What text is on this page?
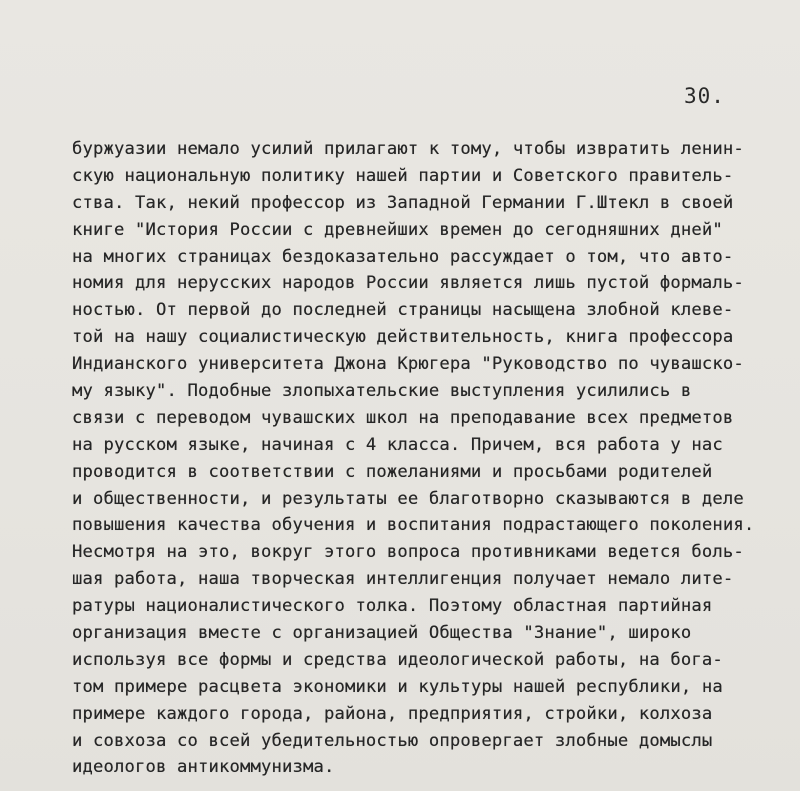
30.
буржуазии немало усилий прилагают к тому, чтобы извратить ленин-
скую национальную политику нашей партии и Советского правитель-
ства. Так, некий профессор из Западной Германии Г.Штекл в своей
книге "История России с древнейших времен до сегодняшних дней"
на многих страницах бездоказательно рассуждает о том, что авто-
номия для нерусских народов России является лишь пустой формаль-
ностью. От первой до последней страницы насыщена злобной клеве-
той на нашу социалистическую действительность, книга профессора
Индианского университета Джона Крюгера "Руководство по чувашско-
му языку". Подобные злопыхательские выступления усилились в
связи с переводом чувашских школ на преподавание всех предметов
на русском языке, начиная с 4 класса. Причем, вся работа у нас
проводится в соответствии с пожеланиями и просьбами родителей
и общественности, и результаты ее благотворно сказываются в деле
повышения качества обучения и воспитания подрастающего поколения.
Несмотря на это, вокруг этого вопроса противниками ведется боль-
шая работа, наша творческая интеллигенция получает немало лите-
ратуры националистического толка. Поэтому областная партийная
организация вместе с организацией Общества "Знание", широко
используя все формы и средства идеологической работы, на бога-
том примере расцвета экономики и культуры нашей республики, на
примере каждого города, района, предприятия, стройки, колхоза
и совхоза со всей убедительностью опровергает злобные домыслы
идеологов антикоммунизма.
